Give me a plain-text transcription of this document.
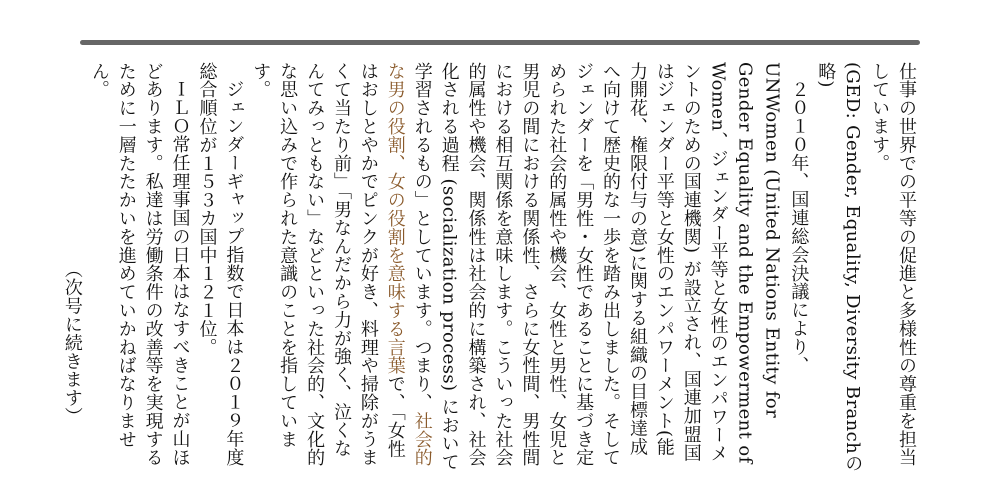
仕事の世界での平等の促進と多様性の尊重を担当しています。

(GED: Gender, Equality, Diversity Branchの略)

２０１０年、国連総会決議により、UNWomen (United Nations Entity for Gender Equality and the Empowerment of Women、ジェンダー平等と女性のエンパワーメントのための国連機関) が設立され、国連加盟国はジェンダー平等と女性のエンパワーメント(能力開花、権限付与の意)に関する組織の目標達成へ向けて歴史的な一歩を踏み出しました。そしてジェンダーを「男性・女性であることに基づき定められた社会的属性や機会、女性と男性、女児と男児の間における関係性、さらに女性間、男性間における相互関係を意味します。こういった社会的属性や機会、関係性は社会的に構築され、社会化される過程 (socialization process) において学習されるもの」としています。つまり、社会的な男の役割、女の役割を意味する言葉で、「女性はおしとやかでピンクが好き、料理や掃除がうまくて当たり前」「男なんだから力が強く、泣くなんてみっともない」などといった社会的、文化的な思い込みで作られた意識のことを指しています。

ジェンダーギャップ指数で日本は２０１９年度総合順位が１５３カ国中１２１位。

ＩＬＯ常任理事国の日本はなすべきことが山ほどあります。私達は労働条件の改善等を実現するために一層たたかいを進めていかねばなりません。
（次号に続きます）
